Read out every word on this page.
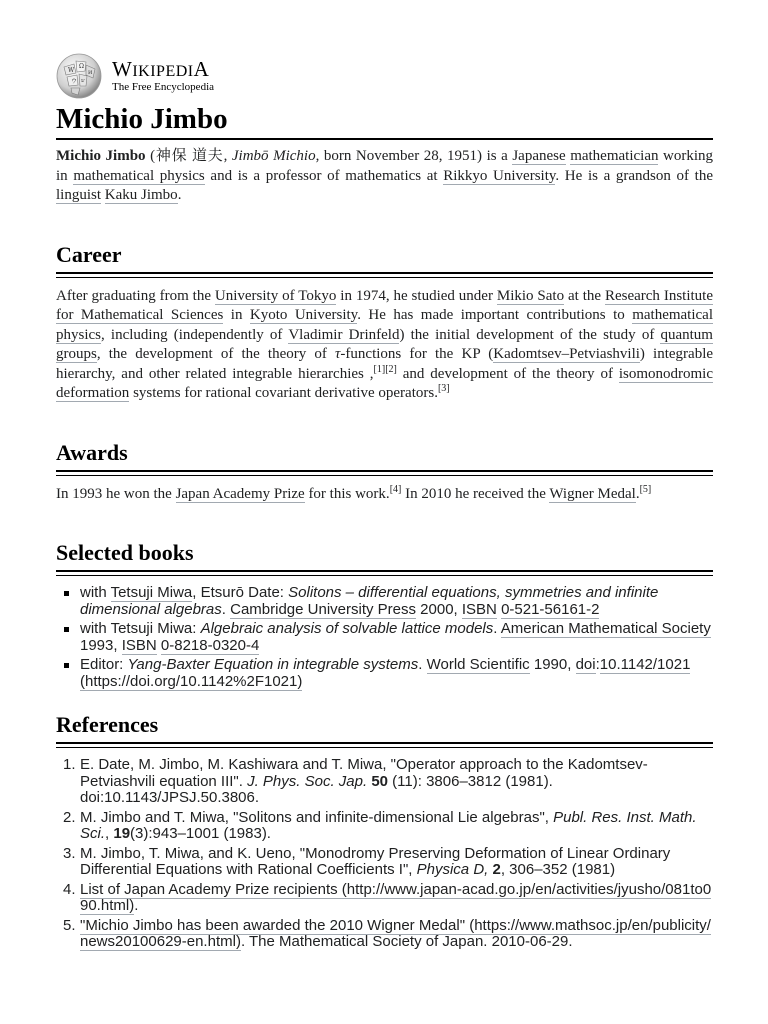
W
Ω
И
ウ ש WIKIPEDIA
The Free Encyclopedia
Michio Jimbo

Michio Jimbo (神保 道夫, Jimbō Michio, born November 28, 1951) is a Japanese mathematician working in mathematical physics and is a professor of mathematics at Rikkyo University. He is a grandson of the linguist Kaku Jimbo.

Career

After graduating from the University of Tokyo in 1974, he studied under Mikio Sato at the Research Institute for Mathematical Sciences in Kyoto University. He has made important contributions to mathematical physics, including (independently of Vladimir Drinfeld) the initial development of the study of quantum groups, the development of the theory of τ-functions for the KP (Kadomtsev–Petviashvili) integrable hierarchy, and other related integrable hierarchies ,[1][2] and development of the theory of isomonodromic deformation systems for rational covariant derivative operators.[3]

Awards

In 1993 he won the Japan Academy Prize for this work.[4] In 2010 he received the Wigner Medal.[5]

Selected books
with Tetsuji Miwa, Etsurō Date: Solitons – differential equations, symmetries and infinite dimensional algebras. Cambridge University Press 2000, ISBN 0-521-56161-2
with Tetsuji Miwa: Algebraic analysis of solvable lattice models. American Mathematical Society 1993, ISBN 0-8218-0320-4
Editor: Yang-Baxter Equation in integrable systems. World Scientific 1990, doi:10.1142/1021 (https://doi.org/10.1142%2F1021)
References
1. E. Date, M. Jimbo, M. Kashiwara and T. Miwa, "Operator approach to the Kadomtsev-Petviashvili equation III". J. Phys. Soc. Jap. 50 (11): 3806–3812 (1981). doi:10.1143/JPSJ.50.3806.
2. M. Jimbo and T. Miwa, "Solitons and infinite-dimensional Lie algebras", Publ. Res. Inst. Math. Sci., 19(3):943–1001 (1983).
3. M. Jimbo, T. Miwa, and K. Ueno, "Monodromy Preserving Deformation of Linear Ordinary Differential Equations with Rational Coefficients I", Physica D, 2, 306–352 (1981)
4. List of Japan Academy Prize recipients (http://www.japan-acad.go.jp/en/activities/jyusho/081to090.html).
5. "Michio Jimbo has been awarded the 2010 Wigner Medal" (https://www.mathsoc.jp/en/publicity/news20100629-en.html). The Mathematical Society of Japan. 2010-06-29.
